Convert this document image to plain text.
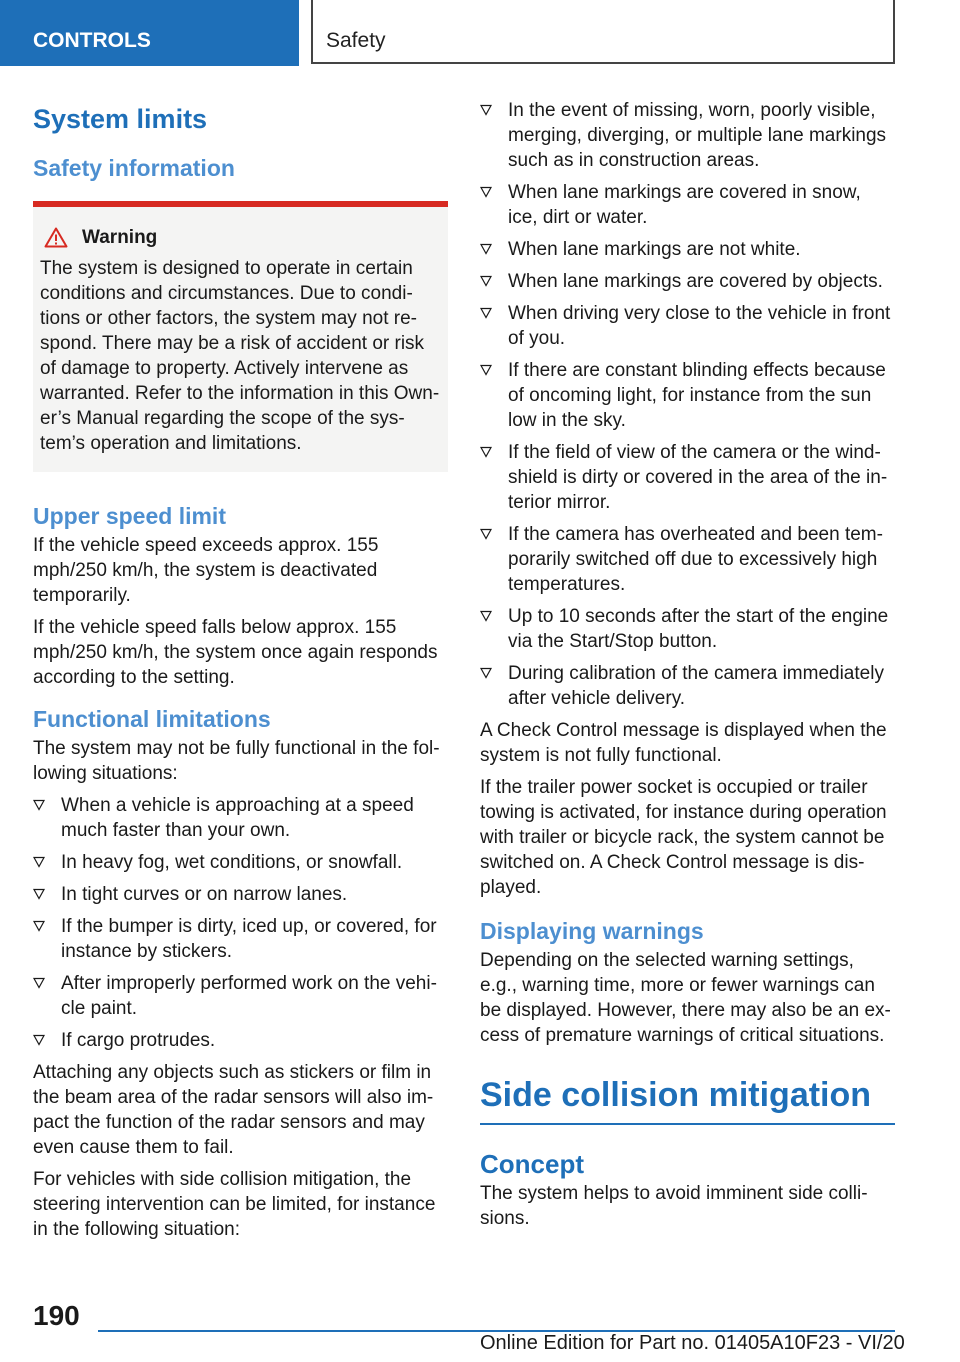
CONTROLS	Safety
System limits
Safety information
Warning

The system is designed to operate in certain conditions and circumstances. Due to conditions or other factors, the system may not respond. There may be a risk of accident or risk of damage to property. Actively intervene as warranted. Refer to the information in this Owner’s Manual regarding the scope of the system’s operation and limitations.

Upper speed limit

If the vehicle speed exceeds approx. 155 mph/250 km/h, the system is deactivated temporarily.

If the vehicle speed falls below approx. 155 mph/250 km/h, the system once again responds according to the setting.

Functional limitations

The system may not be fully functional in the following situations:

When a vehicle is approaching at a speed much faster than your own.
In heavy fog, wet conditions, or snowfall.
In tight curves or on narrow lanes.
If the bumper is dirty, iced up, or covered, for instance by stickers.
After improperly performed work on the vehicle paint.
If cargo protrudes.

Attaching any objects such as stickers or film in the beam area of the radar sensors will also impact the function of the radar sensors and may even cause them to fail.

For vehicles with side collision mitigation, the steering intervention can be limited, for instance in the following situation:

In the event of missing, worn, poorly visible, merging, diverging, or multiple lane markings such as in construction areas.
When lane markings are covered in snow, ice, dirt or water.
When lane markings are not white.
When lane markings are covered by objects.
When driving very close to the vehicle in front of you.
If there are constant blinding effects because of oncoming light, for instance from the sun low in the sky.
If the field of view of the camera or the windshield is dirty or covered in the area of the interior mirror.
If the camera has overheated and been temporarily switched off due to excessively high temperatures.
Up to 10 seconds after the start of the engine via the Start/Stop button.
During calibration of the camera immediately after vehicle delivery.

A Check Control message is displayed when the system is not fully functional.

If the trailer power socket is occupied or trailer towing is activated, for instance during operation with trailer or bicycle rack, the system cannot be switched on. A Check Control message is displayed.

Displaying warnings

Depending on the selected warning settings, e.g., warning time, more or fewer warnings can be displayed. However, there may also be an excess of premature warnings of critical situations.

Side collision mitigation
Concept

The system helps to avoid imminent side collisions.

190
Online Edition for Part no. 01405A10F23 - VI/20
